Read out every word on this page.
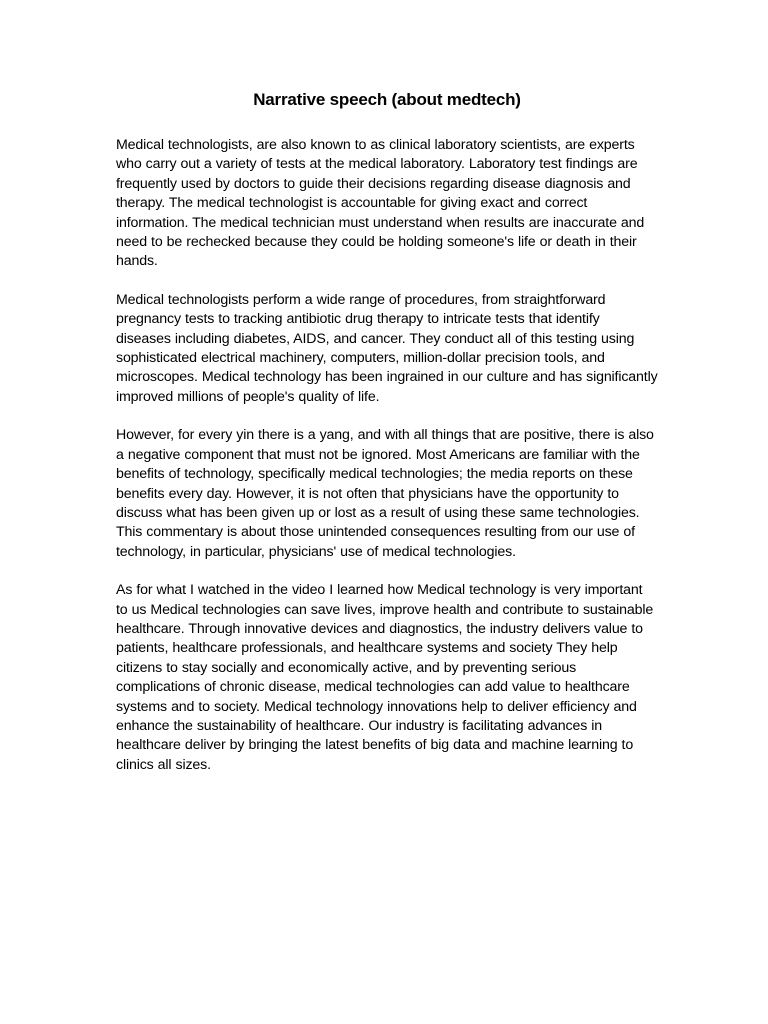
Narrative speech (about medtech)

Medical technologists, are also known to as clinical laboratory scientists, are experts who carry out a variety of tests at the medical laboratory. Laboratory test findings are frequently used by doctors to guide their decisions regarding disease diagnosis and therapy. The medical technologist is accountable for giving exact and correct information. The medical technician must understand when results are inaccurate and need to be rechecked because they could be holding someone's life or death in their hands.

Medical technologists perform a wide range of procedures, from straightforward pregnancy tests to tracking antibiotic drug therapy to intricate tests that identify diseases including diabetes, AIDS, and cancer. They conduct all of this testing using sophisticated electrical machinery, computers, million-dollar precision tools, and microscopes. Medical technology has been ingrained in our culture and has significantly improved millions of people's quality of life.

However, for every yin there is a yang, and with all things that are positive, there is also a negative component that must not be ignored. Most Americans are familiar with the benefits of technology, specifically medical technologies; the media reports on these benefits every day. However, it is not often that physicians have the opportunity to discuss what has been given up or lost as a result of using these same technologies. This commentary is about those unintended consequences resulting from our use of technology, in particular, physicians' use of medical technologies.

As for what I watched in the video I learned how Medical technology is very important to us Medical technologies can save lives, improve health and contribute to sustainable healthcare. Through innovative devices and diagnostics, the industry delivers value to patients, healthcare professionals, and healthcare systems and society They help citizens to stay socially and economically active, and by preventing serious complications of chronic disease, medical technologies can add value to healthcare systems and to society. Medical technology innovations help to deliver efficiency and enhance the sustainability of healthcare. Our industry is facilitating advances in healthcare deliver by bringing the latest benefits of big data and machine learning to clinics all sizes.
